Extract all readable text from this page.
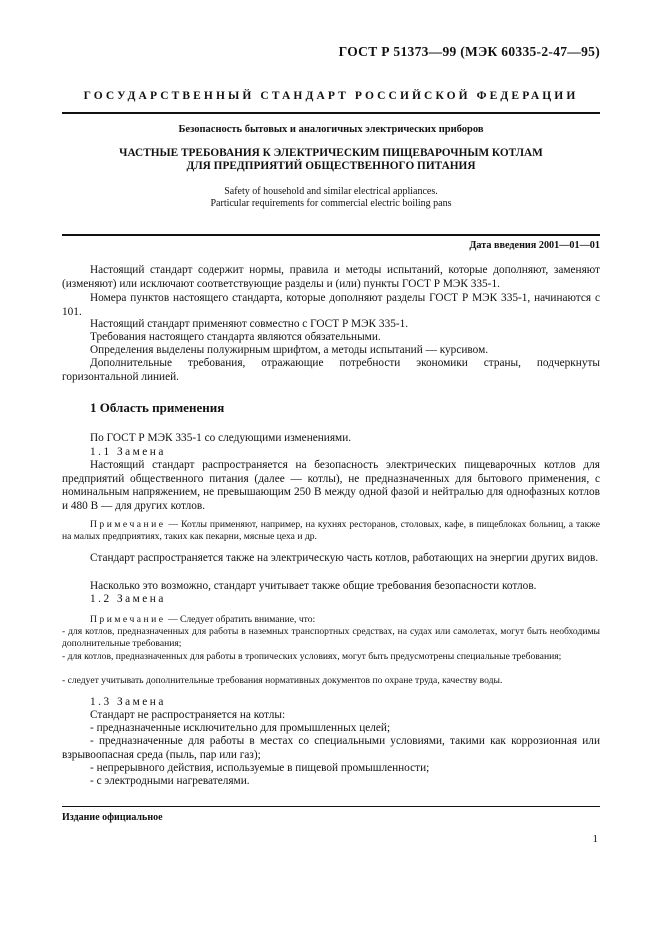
ГОСТ Р 51373—99 (МЭК 60335-2-47—95)
ГОСУДАРСТВЕННЫЙ СТАНДАРТ РОССИЙСКОЙ ФЕДЕРАЦИИ
Безопасность бытовых и аналогичных электрических приборов
ЧАСТНЫЕ ТРЕБОВАНИЯ К ЭЛЕКТРИЧЕСКИМ ПИЩЕВАРОЧНЫМ КОТЛАМ
ДЛЯ ПРЕДПРИЯТИЙ ОБЩЕСТВЕННОГО ПИТАНИЯ
Safety of household and similar electrical appliances.
Particular requirements for commercial electric boiling pans
Дата введения 2001—01—01
Настоящий стандарт содержит нормы, правила и методы испытаний, которые дополняют, заменяют (изменяют) или исключают соответствующие разделы и (или) пункты ГОСТ Р МЭК 335-1.
Номера пунктов настоящего стандарта, которые дополняют разделы ГОСТ Р МЭК 335-1, начинаются с 101.
Настоящий стандарт применяют совместно с ГОСТ Р МЭК 335-1.
Требования настоящего стандарта являются обязательными.
Определения выделены полужирным шрифтом, а методы испытаний — курсивом.
Дополнительные требования, отражающие потребности экономики страны, подчеркнуты горизонтальной линией.
1 Область применения
По ГОСТ Р МЭК 335-1 со следующими изменениями.
1.1 Замена
Настоящий стандарт распространяется на безопасность электрических пищеварочных котлов для предприятий общественного питания (далее — котлы), не предназначенных для бытового применения, с номинальным напряжением, не превышающим 250 В между одной фазой и нейтралью для однофазных котлов и 480 В — для других котлов.
Примечание — Котлы применяют, например, на кухнях ресторанов, столовых, кафе, в пищеблоках больниц, а также на малых предприятиях, таких как пекарни, мясные цеха и др.
Стандарт распространяется также на электрическую часть котлов, работающих на энергии других видов.
Насколько это возможно, стандарт учитывает также общие требования безопасности котлов.
1.2 Замена
Примечание — Следует обратить внимание, что:
- для котлов, предназначенных для работы в наземных транспортных средствах, на судах или самолетах, могут быть необходимы дополнительные требования;
- для котлов, предназначенных для работы в тропических условиях, могут быть предусмотрены специальные требования;
- следует учитывать дополнительные требования нормативных документов по охране труда, качеству воды.
1.3 Замена
Стандарт не распространяется на котлы:
- предназначенные исключительно для промышленных целей;
- предназначенные для работы в местах со специальными условиями, такими как коррозионная или взрывоопасная среда (пыль, пар или газ);
- непрерывного действия, используемые в пищевой промышленности;
- с электродными нагревателями.
Издание официальное
1
